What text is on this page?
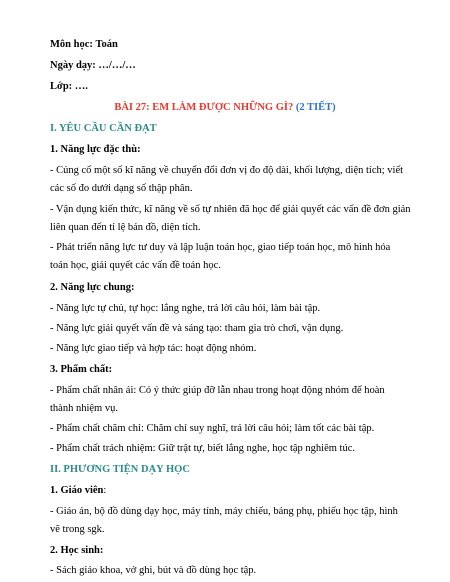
Môn học: Toán
Ngày dạy: …/…/…
Lớp: ….
BÀI 27: EM LÀM ĐƯỢC NHỮNG GÌ? (2 TIẾT)
I. YÊU CẦU CẦN ĐẠT
1. Năng lực đặc thù:
- Củng cố một số kĩ năng về chuyển đổi đơn vị đo độ dài, khối lượng, diện tích; viết
các số đo dưới dạng số thập phân.
- Vận dụng kiến thức, kĩ năng về số tự nhiên đã học để giải quyết các vấn đề đơn giản
liên quan đến tỉ lệ bản đồ, diện tích.
- Phát triển năng lực tư duy và lập luận toán học, giao tiếp toán học, mô hình hóa
toán học, giải quyết các vấn đề toán học.
2. Năng lực chung:
- Năng lực tự chủ, tự học: lắng nghe, trả lời câu hỏi, làm bài tập.
- Năng lực giải quyết vấn đề và sáng tạo: tham gia trò chơi, vận dụng.
- Năng lực giao tiếp và hợp tác: hoạt động nhóm.
3. Phẩm chất:
- Phẩm chất nhân ái: Có ý thức giúp đỡ lẫn nhau trong hoạt động nhóm để hoàn
thành nhiệm vụ.
- Phẩm chất chăm chỉ: Chăm chỉ suy nghĩ, trả lời câu hỏi; làm tốt các bài tập.
- Phẩm chất trách nhiệm: Giữ trật tự, biết lắng nghe, học tập nghiêm túc.
II. PHƯƠNG TIỆN DẠY HỌC
1. Giáo viên:
- Giáo án, bộ đồ dùng dạy học, máy tính, máy chiếu, bảng phụ, phiếu học tập, hình
vẽ trong sgk.
2. Học sinh:
- Sách giáo khoa, vở ghi, bút và đồ dùng học tập.
